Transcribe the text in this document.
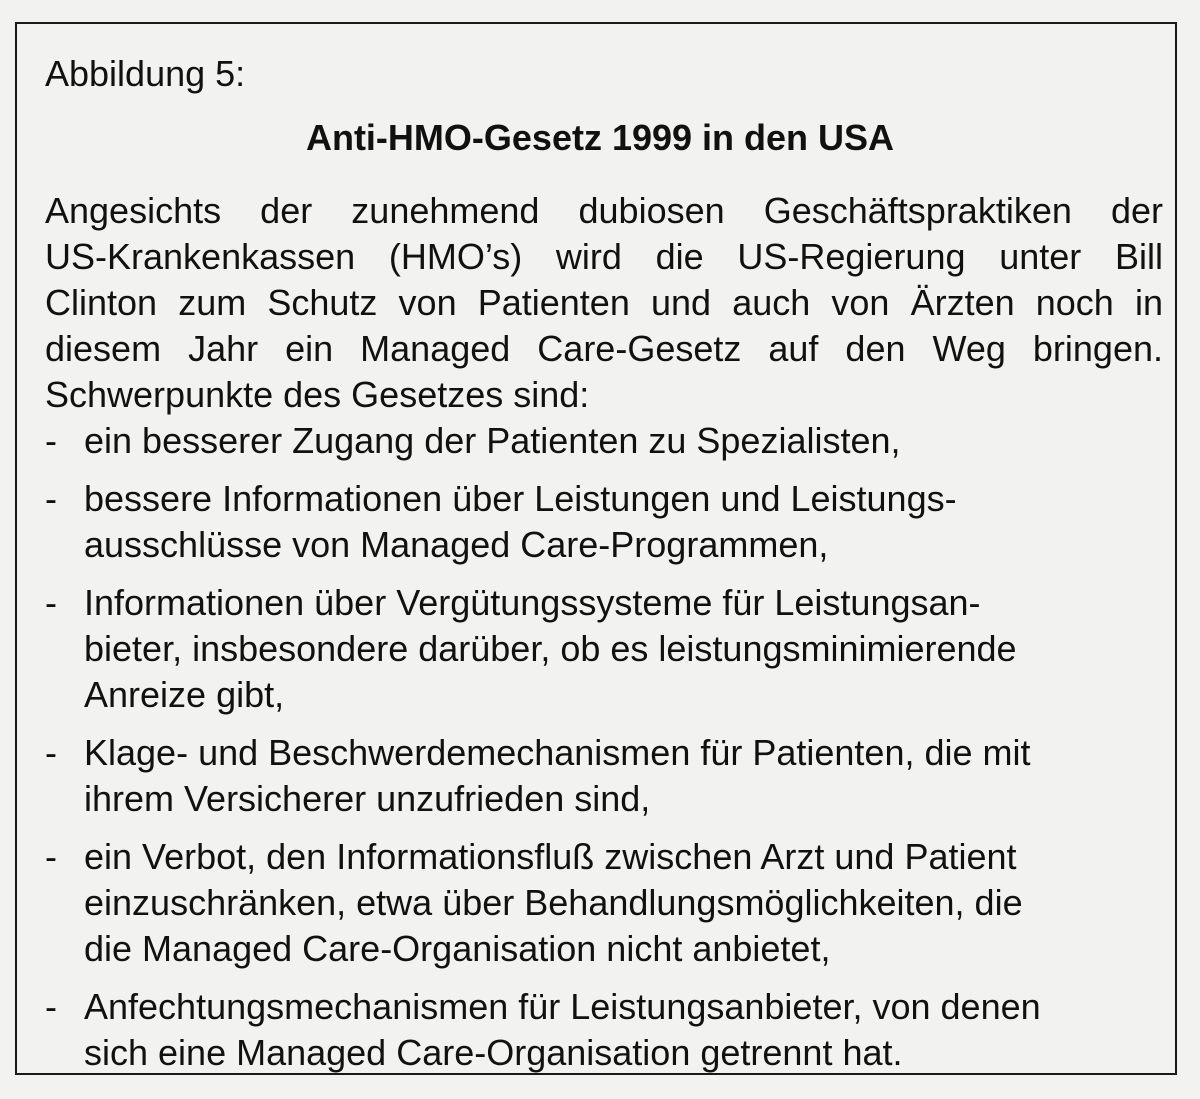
Abbildung 5:
Anti-HMO-Gesetz 1999 in den USA
Angesichts der zunehmend dubiosen Geschäftspraktiken der
US-Krankenkassen (HMO’s) wird die US-Regierung unter Bill
Clinton zum Schutz von Patienten und auch von Ärzten noch in
diesem Jahr ein Managed Care-Gesetz auf den Weg bringen.
Schwerpunkte des Gesetzes sind:
- ein besserer Zugang der Patienten zu Spezialisten,
- bessere Informationen über Leistungen und Leistungs-
ausschlüsse von Managed Care-Programmen,
- Informationen über Vergütungssysteme für Leistungsan-
bieter, insbesondere darüber, ob es leistungsminimierende
Anreize gibt,
- Klage- und Beschwerdemechanismen für Patienten, die mit
ihrem Versicherer unzufrieden sind,
- ein Verbot, den Informationsfluß zwischen Arzt und Patient
einzuschränken, etwa über Behandlungsmöglichkeiten, die
die Managed Care-Organisation nicht anbietet,
- Anfechtungsmechanismen für Leistungsanbieter, von denen
sich eine Managed Care-Organisation getrennt hat.
